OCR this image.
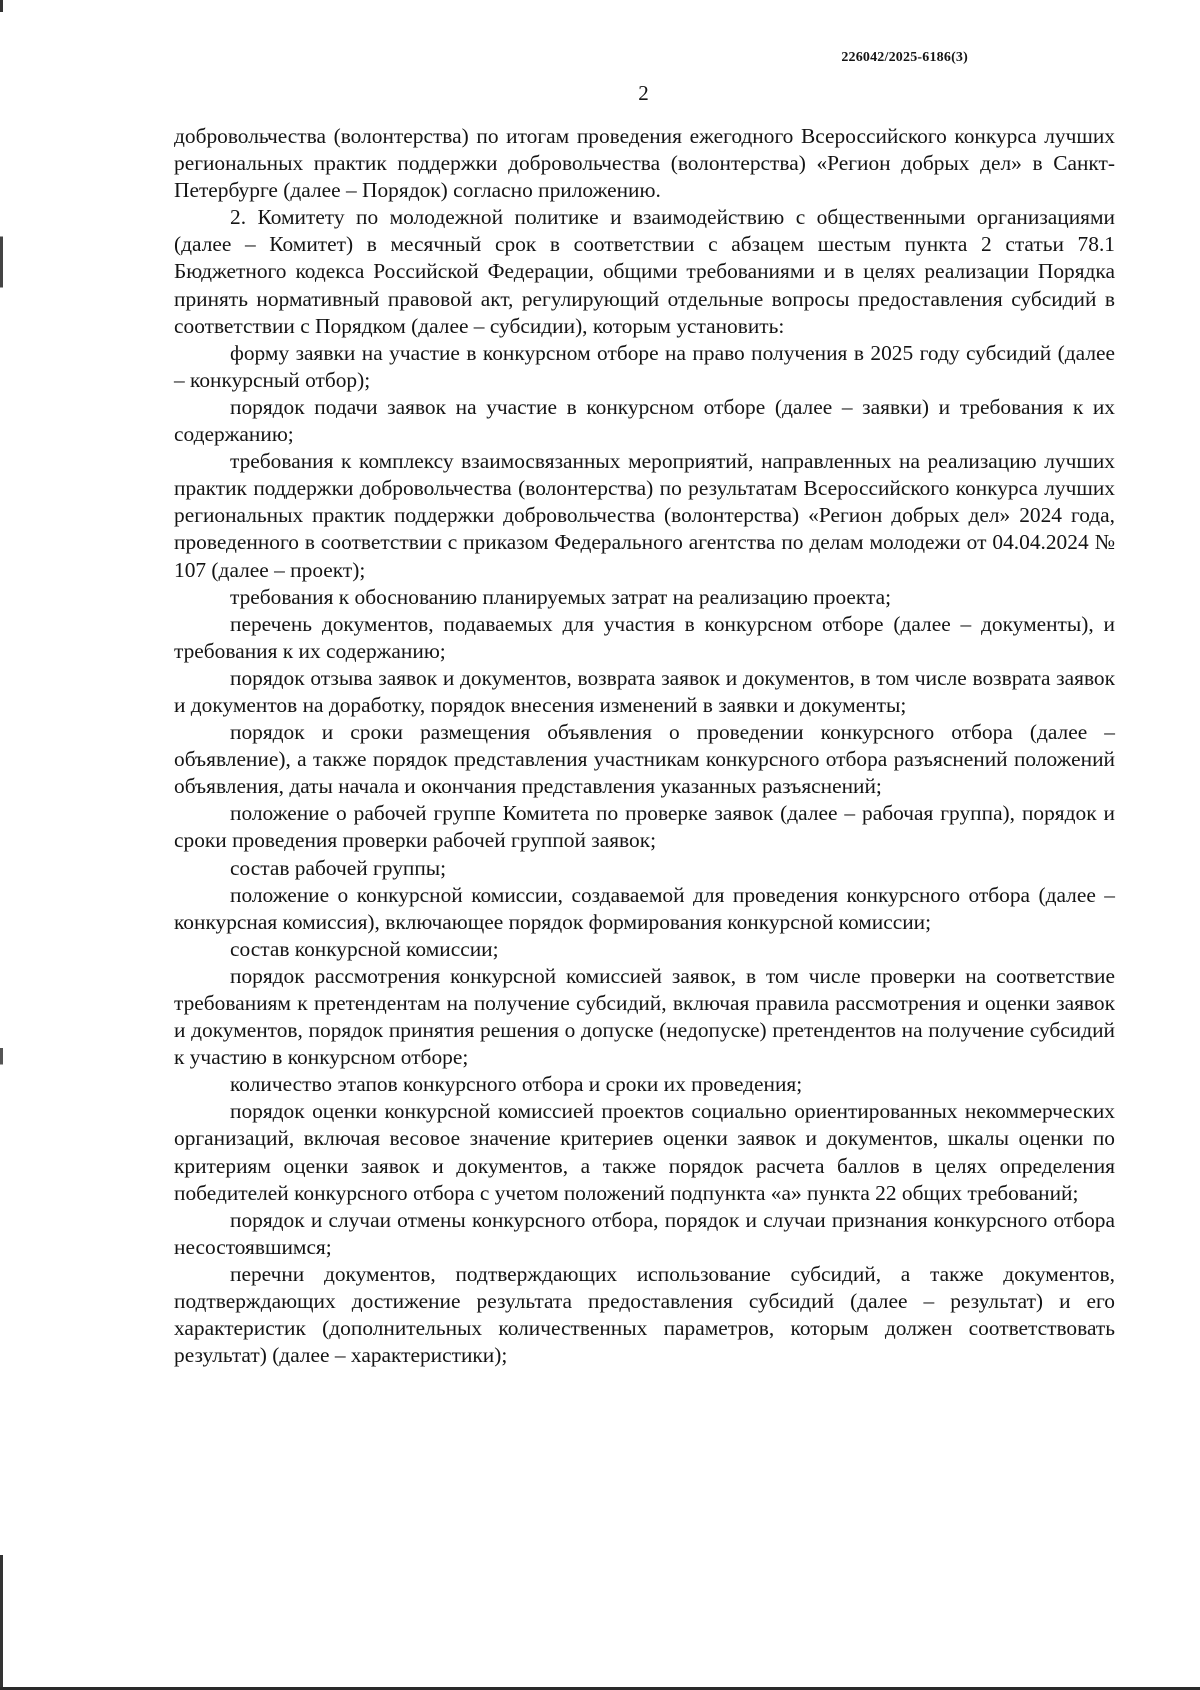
226042/2025-6186(3)
2

добровольчества (волонтерства) по итогам проведения ежегодного Всероссийского конкурса лучших региональных практик поддержки добровольчества (волонтерства) «Регион добрых дел» в Санкт-Петербурге (далее – Порядок) согласно приложению.

2. Комитету по молодежной политике и взаимодействию с общественными организациями (далее – Комитет) в месячный срок в соответствии с абзацем шестым пункта 2 статьи 78.1 Бюджетного кодекса Российской Федерации, общими требованиями и в целях реализации Порядка принять нормативный правовой акт, регулирующий отдельные вопросы предоставления субсидий в соответствии с Порядком (далее – субсидии), которым установить:

форму заявки на участие в конкурсном отборе на право получения в 2025 году субсидий (далее – конкурсный отбор);

порядок подачи заявок на участие в конкурсном отборе (далее – заявки) и требования к их содержанию;

требования к комплексу взаимосвязанных мероприятий, направленных на реализацию лучших практик поддержки добровольчества (волонтерства) по результатам Всероссийского конкурса лучших региональных практик поддержки добровольчества (волонтерства) «Регион добрых дел» 2024 года, проведенного в соответствии с приказом Федерального агентства по делам молодежи от 04.04.2024 № 107 (далее – проект);

требования к обоснованию планируемых затрат на реализацию проекта;

перечень документов, подаваемых для участия в конкурсном отборе (далее – документы), и требования к их содержанию;

порядок отзыва заявок и документов, возврата заявок и документов, в том числе возврата заявок и документов на доработку, порядок внесения изменений в заявки и документы;

порядок и сроки размещения объявления о проведении конкурсного отбора (далее – объявление), а также порядок представления участникам конкурсного отбора разъяснений положений объявления, даты начала и окончания представления указанных разъяснений;

положение о рабочей группе Комитета по проверке заявок (далее – рабочая группа), порядок и сроки проведения проверки рабочей группой заявок;

состав рабочей группы;

положение о конкурсной комиссии, создаваемой для проведения конкурсного отбора (далее – конкурсная комиссия), включающее порядок формирования конкурсной комиссии;

состав конкурсной комиссии;

порядок рассмотрения конкурсной комиссией заявок, в том числе проверки на соответствие требованиям к претендентам на получение субсидий, включая правила рассмотрения и оценки заявок и документов, порядок принятия решения о допуске (недопуске) претендентов на получение субсидий к участию в конкурсном отборе;

количество этапов конкурсного отбора и сроки их проведения;

порядок оценки конкурсной комиссией проектов социально ориентированных некоммерческих организаций, включая весовое значение критериев оценки заявок и документов, шкалы оценки по критериям оценки заявок и документов, а также порядок расчета баллов в целях определения победителей конкурсного отбора с учетом положений подпункта «а» пункта 22 общих требований;

порядок и случаи отмены конкурсного отбора, порядок и случаи признания конкурсного отбора несостоявшимся;

перечни документов, подтверждающих использование субсидий, а также документов, подтверждающих достижение результата предоставления субсидий (далее – результат) и его характеристик (дополнительных количественных параметров, которым должен соответствовать результат) (далее – характеристики);
